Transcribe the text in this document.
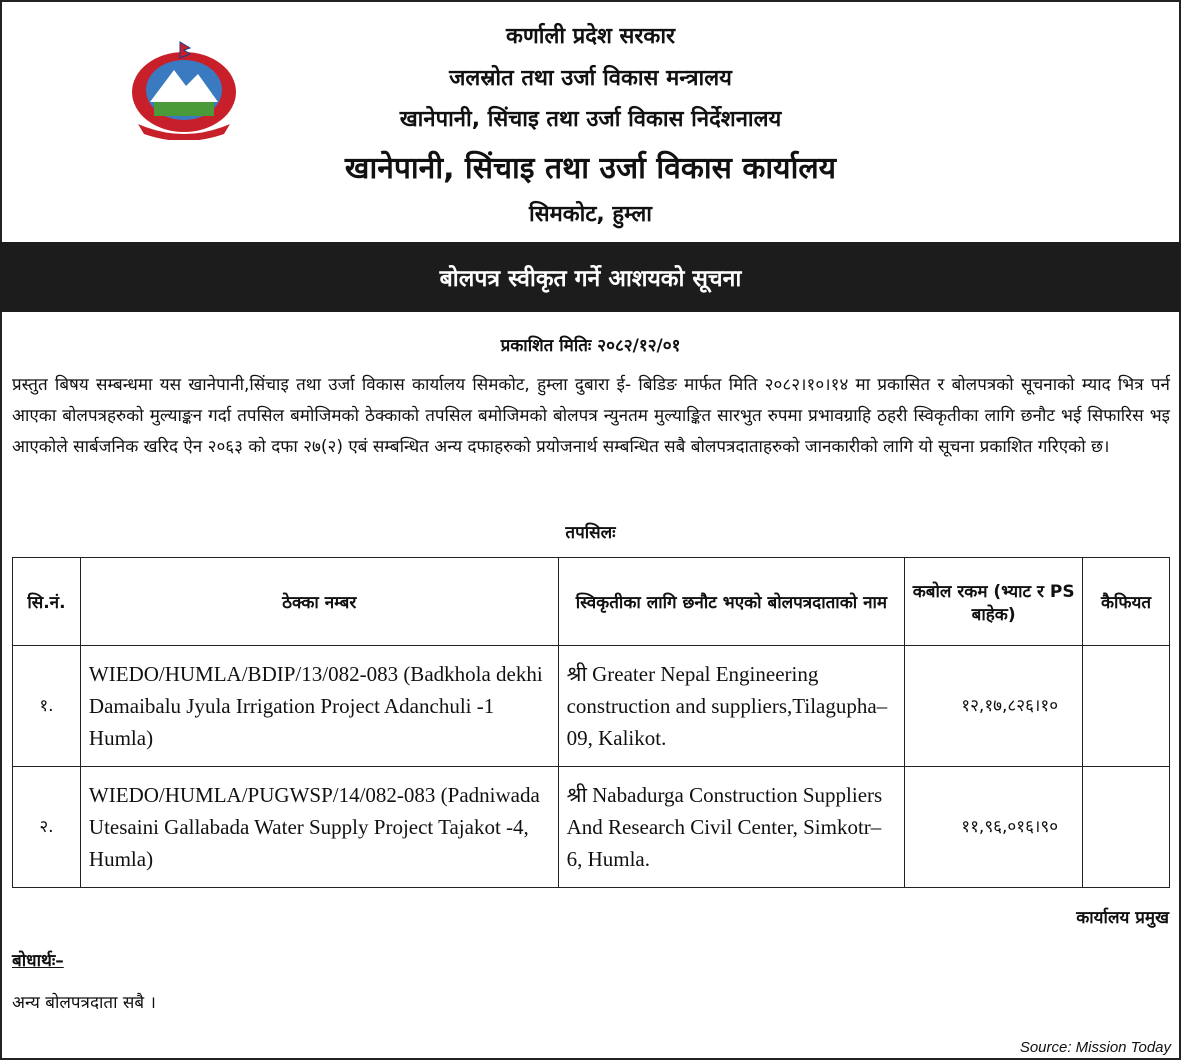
कर्णाली प्रदेश सरकार
जलस्रोत तथा उर्जा विकास मन्त्रालय
खानेपानी, सिंचाइ तथा उर्जा विकास निर्देशनालय
खानेपानी, सिंचाइ तथा उर्जा विकास कार्यालय
सिमकोट, हुम्ला
बोलपत्र स्वीकृत गर्ने आशयको सूचना
प्रकाशित मितिः २०८२/१२/०१
प्रस्तुत बिषय सम्बन्धमा यस खानेपानी,सिंचाइ तथा उर्जा विकास कार्यालय सिमकोट, हुम्ला दुबारा ई- बिडिङ मार्फत मिति २०८२।१०।१४ मा प्रकासित र बोलपत्रको सूचनाको म्याद भित्र पर्न आएका बोलपत्रहरुको मुल्याङ्कन गर्दा तपसिल बमोजिमको ठेक्काको तपसिल बमोजिमको बोलपत्र न्युनतम मुल्याङ्कित सारभुत रुपमा प्रभावग्राहि ठहरी स्विकृतीका लागि छनौट भई सिफारिस भइ आएकोले सार्बजनिक खरिद ऐन २०६३ को दफा २७(२) एबं सम्बन्धित अन्य दफाहरुको प्रयोजनार्थ सम्बन्धित सबै बोलपत्रदाताहरुको जानकारीको लागि यो सूचना प्रकाशित गरिएको छ।
तपसिलः
सि.नं.	ठेक्का नम्बर	स्विकृतीका लागि छनौट भएको बोलपत्रदाताको नाम	कबोल रकम (भ्याट र PS बाहेक)	कैफियत
१.	WIEDO/HUMLA/BDIP/13/082-083 (Badkhola dekhi Damaibalu Jyula Irrigation Project Adanchuli -1 Humla)	श्री Greater Nepal Engineering construction and suppliers,Tilagupha–09, Kalikot.	१२,१७,८२६।१०	
२.	WIEDO/HUMLA/PUGWSP/14/082-083 (Padniwada Utesaini Gallabada Water Supply Project Tajakot -4, Humla)	श्री Nabadurga Construction Suppliers And Research Civil Center, Simkotr–6, Humla.	११,९६,०१६।९०	
कार्यालय प्रमुख
बोधार्थः–
अन्य बोलपत्रदाता सबै ।
Source: Mission Today
